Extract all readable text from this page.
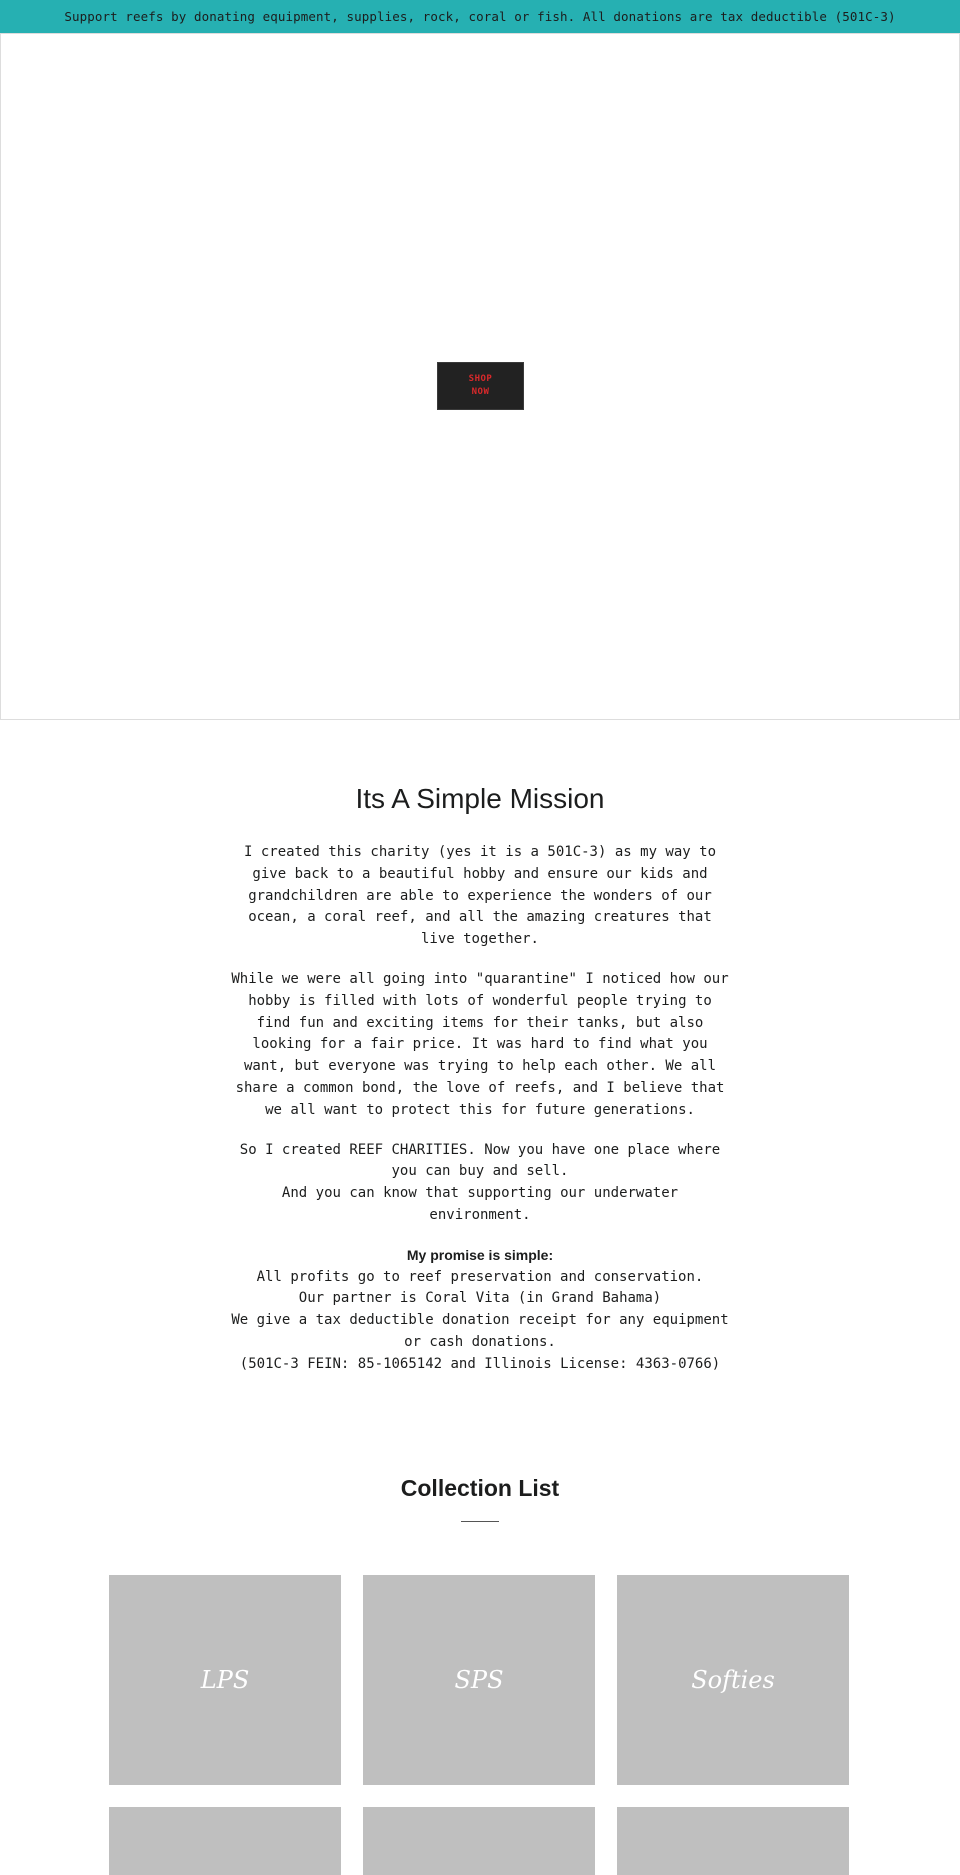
Support reefs by donating equipment, supplies, rock, coral or fish. All donations are tax deductible (501C-3)
SHOP
NOW
Its A Simple Mission

I created this charity (yes it is a 501C-3) as my way to give back to a beautiful hobby and ensure our kids and grandchildren are able to experience the wonders of our ocean, a coral reef, and all the amazing creatures that live together.

While we were all going into "quarantine" I noticed how our hobby is filled with lots of wonderful people trying to find fun and exciting items for their tanks, but also looking for a fair price. It was hard to find what you want, but everyone was trying to help each other. We all share a common bond, the love of reefs, and I believe that we all want to protect this for future generations.

So I created REEF CHARITIES. Now you have one place where you can buy and sell.
And you can know that supporting our underwater environment.

My promise is simple:
All profits go to reef preservation and conservation.
Our partner is Coral Vita (in Grand Bahama)
We give a tax deductible donation receipt for any equipment or cash donations.
(501C-3 FEIN: 85-1065142 and Illinois License: 4363-0766)

Collection List
LPS	SPS	Softies
